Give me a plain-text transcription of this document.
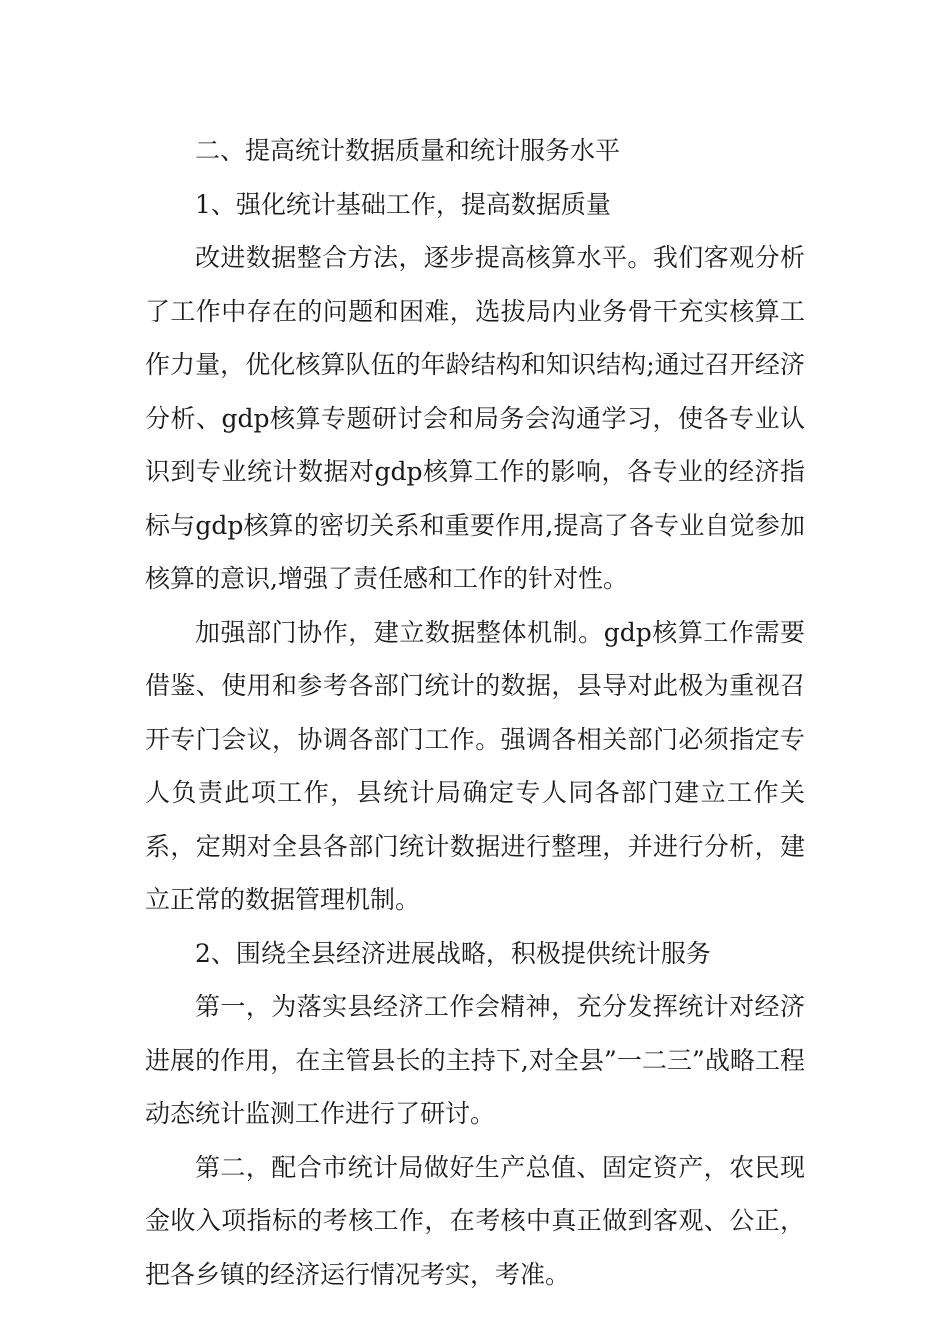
二、提高统计数据质量和统计服务水平
1、强化统计基础工作，提高数据质量

改进数据整合方法，逐步提高核算水平。我们客观分析了工作中存在的问题和困难，选拔局内业务骨干充实核算工作力量，优化核算队伍的年龄结构和知识结构;通过召开经济分析、gdp核算专题研讨会和局务会沟通学习，使各专业认识到专业统计数据对gdp核算工作的影响，各专业的经济指标与gdp核算的密切关系和重要作用,提高了各专业自觉参加核算的意识,增强了责任感和工作的针对性。

加强部门协作，建立数据整体机制。gdp核算工作需要借鉴、使用和参考各部门统计的数据，县导对此极为重视召开专门会议，协调各部门工作。强调各相关部门必须指定专人负责此项工作，县统计局确定专人同各部门建立工作关系，定期对全县各部门统计数据进行整理，并进行分析，建立正常的数据管理机制。

2、围绕全县经济进展战略，积极提供统计服务

第一，为落实县经济工作会精神，充分发挥统计对经济进展的作用，在主管县长的主持下,对全县”一二三”战略工程动态统计监测工作进行了研讨。

第二，配合市统计局做好生产总值、固定资产，农民现金收入项指标的考核工作，在考核中真正做到客观、公正，把各乡镇的经济运行情况考实，考准。
